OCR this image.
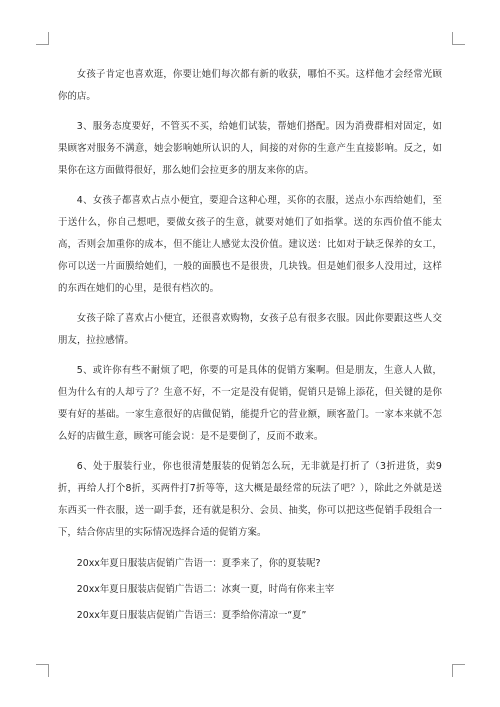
女孩子肯定也喜欢逛，你要让她们每次都有新的收获，哪怕不买。这样他才会经常光顾你的店。

3、服务态度要好，不管买不买，给她们试装，帮她们搭配。因为消费群相对固定，如果顾客对服务不满意，她会影响她所认识的人，间接的对你的生意产生直接影响。反之，如果你在这方面做得很好，那么她们会拉更多的朋友来你的店。

4、女孩子都喜欢占点小便宜，要迎合这种心理，买你的衣服，送点小东西给她们，至于送什么，你自己想吧，要做女孩子的生意，就要对她们了如指掌。送的东西价值不能太高，否则会加重你的成本，但不能让人感觉太没价值。建议送：比如对于缺乏保养的女工，你可以送一片面膜给她们，一般的面膜也不是很贵，几块钱。但是她们很多人没用过，这样的东西在她们的心里，是很有档次的。

女孩子除了喜欢占小便宜，还很喜欢购物，女孩子总有很多衣服。因此你要跟这些人交朋友，拉拉感情。

5、或许你有些不耐烦了吧，你要的可是具体的促销方案啊。但是朋友，生意人人做，但为什么有的人却亏了？生意不好，不一定是没有促销，促销只是锦上添花，但关键的是你要有好的基础。一家生意很好的店做促销，能提升它的营业额，顾客盈门。一家本来就不怎么好的店做生意，顾客可能会说：是不是要倒了，反而不敢来。

6、处于服装行业，你也很清楚服装的促销怎么玩，无非就是打折了（3折进货，卖9折，再给人打个8折，买两件打7折等等，这大概是最经常的玩法了吧？），除此之外就是送东西买一件衣服，送一副手套，还有就是积分、会员、抽奖，你可以把这些促销手段组合一下，结合你店里的实际情况选择合适的促销方案。

20xx年夏日服装店促销广告语一：夏季来了，你的夏装呢?

20xx年夏日服装店促销广告语二：冰爽一夏，时尚有你来主宰

20xx年夏日服装店促销广告语三：夏季给你清凉一“夏”
